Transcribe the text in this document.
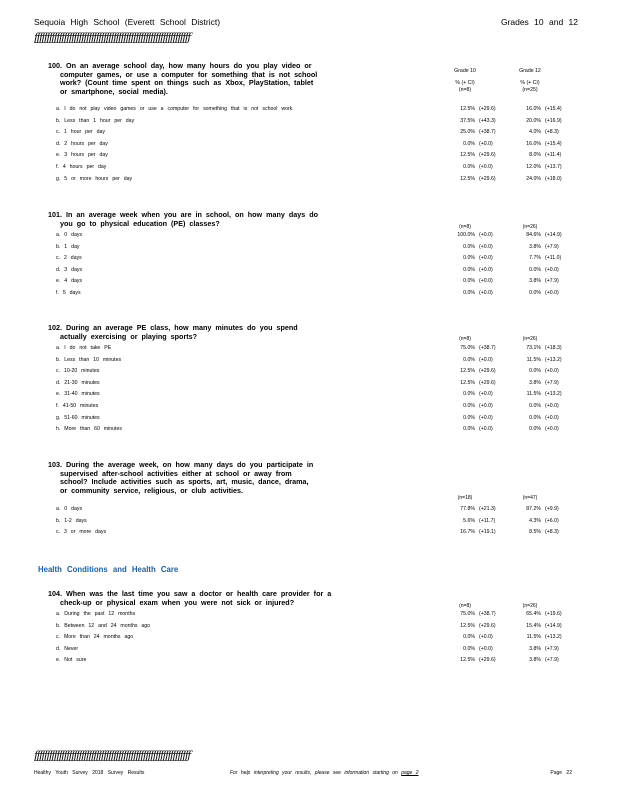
Sequoia High School (Everett School District)	Grades 10 and 12
ƒƒƒƒƒƒƒƒƒƒƒƒƒƒƒƒƒƒƒƒƒƒƒƒƒƒƒƒƒƒƒƒƒƒƒƒƒƒƒƒƒƒƒƒƒƒƒƒƒƒƒƒƒƒƒƒƒƒƒƒƒƒƒ
100. On an average school day, how many hours do you play video or
computer games, or use a computer for something that is not school
work? (Count time spent on things such as Xbox, PlayStation, tablet
or smartphone, social media).
Grade 10
% (+ CI)
(n=8)
Grade 12
% (+ CI)
(n=25)
a. I do not play video games or use a computer for something that is not school work.	12.5% (+29.6)	16.0% (+15.4)
b. Less than 1 hour per day	37.5% (+43.3)	20.0% (+16.9)
c. 1 hour per day	25.0% (+38.7)	4.0% (+8.3)
d. 2 hours per day	0.0% (+0.0)	16.0% (+15.4)
e. 3 hours per day	12.5% (+29.6)	8.0% (+11.4)
f. 4 hours per day	0.0% (+0.0)	12.0% (+13.7)
g. 5 or more hours per day	12.5% (+29.6)	24.0% (+18.0)
101. In an average week when you are in school, on how many days do
you go to physical education (PE) classes?	(n=8)	(n=26)
a. 0 days	100.0% (+0.0)	84.6% (+14.9)
b. 1 day	0.0% (+0.0)	3.8% (+7.9)
c. 2 days	0.0% (+0.0)	7.7% (+11.0)
d. 3 days	0.0% (+0.0)	0.0% (+0.0)
e. 4 days	0.0% (+0.0)	3.8% (+7.9)
f. 5 days	0.0% (+0.0)	0.0% (+0.0)
102. During an average PE class, how many minutes do you spend
actually exercising or playing sports?	(n=8)	(n=26)
a. I do not take PE	75.0% (+38.7)	73.1% (+18.3)
b. Less than 10 minutes	0.0% (+0.0)	11.5% (+13.2)
c. 10-20 minutes	12.5% (+29.6)	0.0% (+0.0)
d. 21-30 minutes	12.5% (+29.6)	3.8% (+7.9)
e. 31-40 minutes	0.0% (+0.0)	11.5% (+13.2)
f. 41-50 minutes	0.0% (+0.0)	0.0% (+0.0)
g. 51-60 minutes	0.0% (+0.0)	0.0% (+0.0)
h. More than 60 minutes	0.0% (+0.0)	0.0% (+0.0)
103. During the average week, on how many days do you participate in
supervised after-school activities either at school or away from
school? Include activities such as sports, art, music, dance, drama,
or community service, religious, or club activities.
(n=18)	(n=47)
a. 0 days	77.8% (+21.3)	87.2% (+9.9)
b. 1-2 days	5.6% (+11.7)	4.3% (+6.0)
c. 3 or more days	16.7% (+19.1)	8.5% (+8.3)
Health Conditions and Health Care
104. When was the last time you saw a doctor or health care provider for a
check-up or physical exam when you were not sick or injured?	(n=8)	(n=26)
a. During the past 12 months	75.0% (+38.7)	65.4% (+19.6)
b. Between 12 and 24 months ago	12.5% (+29.6)	15.4% (+14.9)
c. More than 24 months ago	0.0% (+0.0)	11.5% (+13.2)
d. Never	0.0% (+0.0)	3.8% (+7.9)
e. Not sure	12.5% (+29.6)	3.8% (+7.9)
ƒƒƒƒƒƒƒƒƒƒƒƒƒƒƒƒƒƒƒƒƒƒƒƒƒƒƒƒƒƒƒƒƒƒƒƒƒƒƒƒƒƒƒƒƒƒƒƒƒƒƒƒƒƒƒƒƒƒƒƒƒƒƒ
Healthy Youth Survey 2018 Survey Results	For help interpreting your results, please see information starting on page 2	Page 22
